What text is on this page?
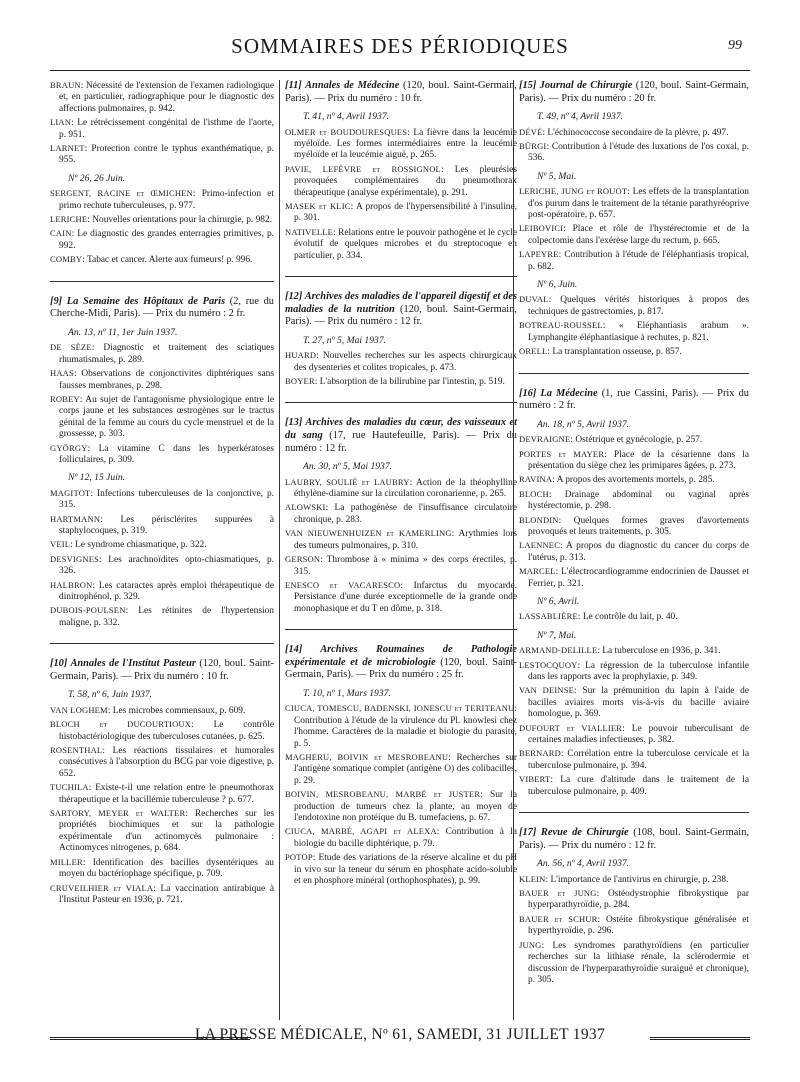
SOMMAIRES DES PÉRIODIQUES	99
BRAUN: Nécessité de l'extension de l'examen radiologique et, en particulier, radiographique pour le diagnostic des affections pulmonaires, p. 942.
LIAN: Le rétrécissement congénital de l'isthme de l'aorte, p. 951.
LARNET: Protection contre le typhus exanthématique, p. 955.
Nº 26, 26 Juin.
SERGENT, RACINE et ŒMICHEN: Primo-infection et primo rechute tuberculeuses, p. 977.
LERICHE: Nouvelles orientations pour la chirurgie, p. 982.
CAIN: Le diagnostic des grandes enterragies primitives, p. 992.
COMBY: Tabac et cancer. Alerte aux fumeurs! p. 996.
[9] La Semaine des Hôpitaux de Paris (2, rue du Cherche-Midi, Paris). — Prix du numéro : 2 fr.
An. 13, nº 11, 1er Juin 1937.
DE SÈZE: Diagnostic et traitement des sciatiques rhumatismales, p. 289.
HAAS: Observations de conjonctivites diphtériques sans fausses membranes, p. 298.
ROBEY: Au sujet de l'antagonisme physiologique entre le corps jaune et les substances œstrogènes sur le tractus génital de la femme au cours du cycle menstruel et de la grossesse, p. 303.
GYÖRGY: La vitamine C dans les hyperkératoses folliculaires, p. 309.
Nº 12, 15 Juin.
MAGITOT: Infections tuberculeuses de la conjonctive, p. 315.
HARTMANN: Les périsclérites suppurées à staphylocoques, p. 319.
VEIL: Le syndrome chiasmatique, p. 322.
DESVIGNES: Les arachnoïdites opto-chiasmatiques, p. 326.
HALBRON: Les cataractes après emploi thérapeutique de dinitrophénol, p. 329.
DUBOIS-POULSEN: Les rétinites de l'hypertension maligne, p. 332.
[10] Annales de l'Institut Pasteur (120, boul. Saint-Germain, Paris). — Prix du numéro : 10 fr.
T. 58, nº 6, Juin 1937.
VAN LOGHEM: Les microbes commensaux, p. 609.
BLOCH et DUCOURTIOUX: Le contrôle histobactériologique des tuberculoses cutanées, p. 625.
ROSENTHAL: Les réactions tissulaires et humorales consécutives à l'absorption du BCG par voie digestive, p. 652.
TUCHILA: Existe-t-il une relation entre le pneumothorax thérapeutique et la bacillémie tuberculeuse ? p. 677.
SARTORY, MEYER et WALTER: Recherches sur les propriétés biochimiques et sur la pathologie expérimentale d'un actinomycès pulmonaire : Actinomyces nitrogenes, p. 684.
MILLER: Identification des bacilles dysentériques au moyen du bactériophage spécifique, p. 709.
CRUVEILHIER et VIALA: La vaccination antirabique à l'Institut Pasteur en 1936, p. 721.
[11] Annales de Médecine (120, boul. Saint-Germain, Paris). — Prix du numéro : 10 fr.
T. 41, nº 4, Avril 1937.
OLMER et BOUDOURESQUES: La fièvre dans la leucémie myéloïde. Les formes intermédiaires entre la leucémie myéloïde et la leucémie aiguë, p. 265.
PAVIE, LEFÈVRE et ROSSIGNOL: Les pleurésies provoquées complémentaires du pneumothorax thérapeutique (analyse expérimentale), p. 291.
MASEK et KLIC: A propos de l'hypersensibilité à l'insuline, p. 301.
NATIVELLE: Relations entre le pouvoir pathogène et le cycle évolutif de quelques microbes et du streptocoque en particulier, p. 334.
[12] Archives des maladies de l'appareil digestif et des maladies de la nutrition (120, boul. Saint-Germain, Paris). — Prix du numéro : 12 fr.
T. 27, nº 5, Mai 1937.
HUARD: Nouvelles recherches sur les aspects chirurgicaux des dysenteries et colites tropicales, p. 473.
BOYER: L'absorption de la bilirubine par l'intestin, p. 519.
[13] Archives des maladies du cœur, des vaisseaux et du sang (17, rue Hautefeuille, Paris). — Prix du numéro : 12 fr.
An. 30, nº 5, Mai 1937.
LAUBRY, SOULIÉ et LAUBRY: Action de la théophylline éthylène-diamine sur la circulation coronarienne, p. 265.
ALOWSKI: La pathogénèse de l'insuffisance circulatoire chronique, p. 283.
VAN NIEUWENHUIZEN et KAMERLING: Arythmies lors des tumeurs pulmonaires, p. 310.
GERSON: Thrombose à « minima » des corps érectiles, p. 315.
ENESCO et VACARESCO: Infarctus du myocarde. Persistance d'une durée exceptionnelle de la grande onde monophasique et du T en dôme, p. 318.
[14] Archives Roumaines de Pathologie expérimentale et de microbiologie (120, boul. Saint-Germain, Paris). — Prix du numéro : 25 fr.
T. 10, nº 1, Mars 1937.
CIUCA, TOMESCU, BADENSKI, IONESCU et TERITEANU: Contribution à l'étude de la virulence du Pl. knowlesi chez l'homme. Caractères de la maladie et biologie du parasite, p. 5.
MAGHERU, BOIVIN et MESROBEANU: Recherches sur l'antigène somatique complet (antigène O) des colibacilles, p. 29.
BOIVIN, MESROBEANU, MARBÉ et JUSTER: Sur la production de tumeurs chez la plante, au moyen de l'endotoxine non protéique du B. tumefaciens, p. 67.
CIUCA, MARBÉ, AGAPI et ALEXA: Contribution à la biologie du bacille diphtérique, p. 79.
POTOP: Etude des variations de la réserve alcaline et du pH in vivo sur la teneur du sérum en phosphate acido-soluble et en phosphore minéral (orthophosphates), p. 99.
[15] Journal de Chirurgie (120, boul. Saint-Germain, Paris). — Prix du numéro : 20 fr.
T. 49, nº 4, Avril 1937.
DÉVÉ: L'échinococcose secondaire de la plèvre, p. 497.
BÜRGI: Contribution à l'étude des luxations de l'os coxal, p. 536.
Nº 5, Mai.
LERICHE, JUNG et ROUOT: Les effets de la transplantation d'os purum dans le traitement de la tétanie parathyréoprive post-opératoire, p. 657.
LEIBOVICI: Place et rôle de l'hystérectomie et de la colpectomie dans l'exérèse large du rectum, p. 665.
LAPEYRE: Contribution à l'étude de l'éléphantiasis tropical, p. 682.
Nº 6, Juin.
DUVAL: Quelques vérités historiques à propos des techniques de gastrectomies, p. 817.
BOTREAU-ROUSSEL: « Eléphantiasis arabum ». Lymphangite éléphantiasique à rechutes, p. 821.
ORELL: La transplantation osseuse, p. 857.
[16] La Médecine (1, rue Cassini, Paris). — Prix du numéro : 2 fr.
An. 18, nº 5, Avril 1937.
DEVRAIGNE: Ostétrique et gynécologie, p. 257.
PORTES et MAYER: Place de la césarienne dans la présentation du siège chez les primipares âgées, p. 273.
RAVINA: A propos des avortements mortels, p. 285.
BLOCH: Drainage abdominal ou vaginal après hystérectomie, p. 298.
BLONDIN: Quelques formes graves d'avortements provoqués et leurs traitements, p. 305.
LAENNEC: A propos du diagnostic du cancer du corps de l'utérus, p. 313.
MARCEL: L'électrocardiogramme endocrinien de Dausset et Ferrier, p. 321.
Nº 6, Avril.
LASSABLIÈRE: Le contrôle du lait, p. 40.
Nº 7, Mai.
ARMAND-DELILLE: La tuberculose en 1936, p. 341.
LESTOCQUOY: La régression de la tuberculose infantile dans les rapports avec la prophylaxie, p. 349.
VAN DEINSE: Sur la prémunition du lapin à l'aide de bacilles aviaires morts vis-à-vis du bacille aviaire homologue, p. 369.
DUFOURT et VIALLIER: Le pouvoir tuberculisant de certaines maladies infectieuses, p. 382.
BERNARD: Corrélation entre la tuberculose cervicale et la tuberculose pulmonaire, p. 394.
VIBERT: La cure d'altitude dans le traitement de la tuberculose pulmonaire, p. 409.
[17] Revue de Chirurgie (108, boul. Saint-Germain, Paris). — Prix du numéro : 12 fr.
An. 56, nº 4, Avril 1937.
KLEIN: L'importance de l'antivirus en chirurgie, p. 238.
BAUER et JUNG: Ostéodystrophie fibrokystique par hyperparathyroïdie, p. 284.
BAUER et SCHUR: Ostéite fibrokystique généralisée et hyperthyroïdie, p. 296.
JUNG: Les syndromes parathyroïdiens (en particulier recherches sur la lithiase rénale, la sclérodermie et discussion de l'hyperparathyroïdie suraiguë et chronique), p. 305.
LA PRESSE MÉDICALE, Nº 61, SAMEDI, 31 JUILLET 1937
